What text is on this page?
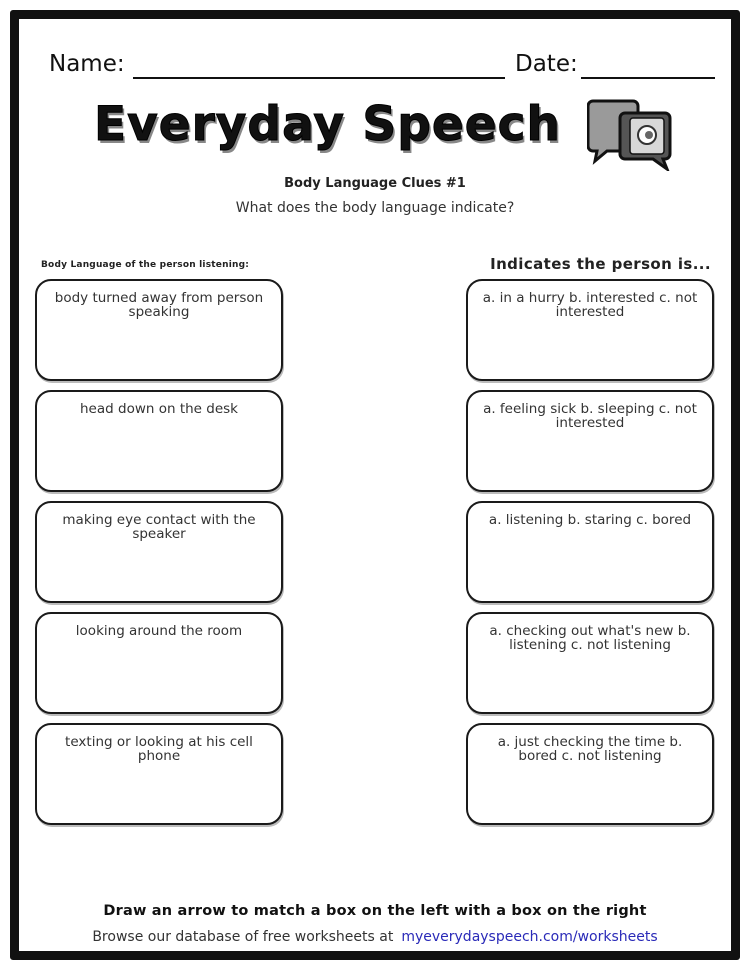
Name:	Date:
Everyday Speech
Body Language Clues #1
What does the body language indicate?
Body Language of the person listening:	Indicates the person is...
body turned away from person speaking
head down on the desk
making eye contact with the speaker
looking around the room
texting or looking at his cell phone
a. in a hurry b. interested c. not interested
a. feeling sick b. sleeping c. not interested
a. listening b. staring c. bored
a. checking out what's new b. listening c. not listening
a. just checking the time b. bored c. not listening
Draw an arrow to match a box on the left with a box on the right
Browse our database of free worksheets at myeverydayspeech.com/worksheets
